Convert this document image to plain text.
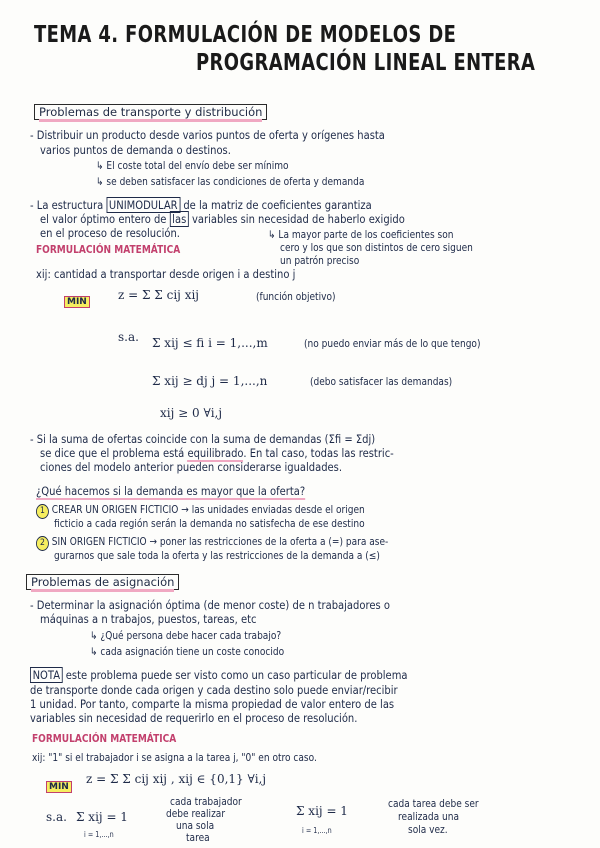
TEMA 4. FORMULACIÓN DE MODELOS DE
PROGRAMACIÓN LINEAL ENTERA
Problemas de transporte y distribución
- Distribuir un producto desde varios puntos de oferta y orígenes hasta
varios puntos de demanda o destinos.
↳ El coste total del envío debe ser mínimo
↳ se deben satisfacer las condiciones de oferta y demanda
- La estructura UNIMODULAR de la matriz de coeficientes garantiza
el valor óptimo entero de las variables sin necesidad de haberlo exigido
en el proceso de resolución.	↳ La mayor parte de los coeficientes son
cero y los que son distintos de cero siguen
un patrón preciso
FORMULACIÓN MATEMÁTICA
xij: cantidad a transportar desde origen i a destino j
MIN	z = Σ Σ cij xij	(función objetivo)
s.a. Σ xij ≤ fi i = 1,...,m	(no puedo enviar más de lo que tengo)
Σ xij ≥ dj j = 1,...,n	(debo satisfacer las demandas)
xij ≥ 0 ∀i,j
- Si la suma de ofertas coincide con la suma de demandas (Σfi = Σdj)
se dice que el problema está equilibrado. En tal caso, todas las restric-
ciones del modelo anterior pueden considerarse igualdades.
¿Qué hacemos si la demanda es mayor que la oferta?
1 CREAR UN ORIGEN FICTICIO → las unidades enviadas desde el origen
ficticio a cada región serán la demanda no satisfecha de ese destino
2 SIN ORIGEN FICTICIO → poner las restricciones de la oferta a (=) para ase-
gurarnos que sale toda la oferta y las restricciones de la demanda a (≤)
Problemas de asignación
- Determinar la asignación óptima (de menor coste) de n trabajadores o
máquinas a n trabajos, puestos, tareas, etc
↳ ¿Qué persona debe hacer cada trabajo?
↳ cada asignación tiene un coste conocido
NOTA este problema puede ser visto como un caso particular de problema
de transporte donde cada origen y cada destino solo puede enviar/recibir
1 unidad. Por tanto, comparte la misma propiedad de valor entero de las
variables sin necesidad de requerirlo en el proceso de resolución.
FORMULACIÓN MATEMÁTICA
xij: "1" si el trabajador i se asigna a la tarea j, "0" en otro caso.
MIN
z = Σ Σ cij xij , xij ∈ {0,1} ∀i,j
s.a. Σ xij = 1
i = 1,...,n
cada trabajador
debe realizar
una sola
tarea
Σ xij = 1
i = 1,...,n
cada tarea debe ser
realizada una
sola vez.
